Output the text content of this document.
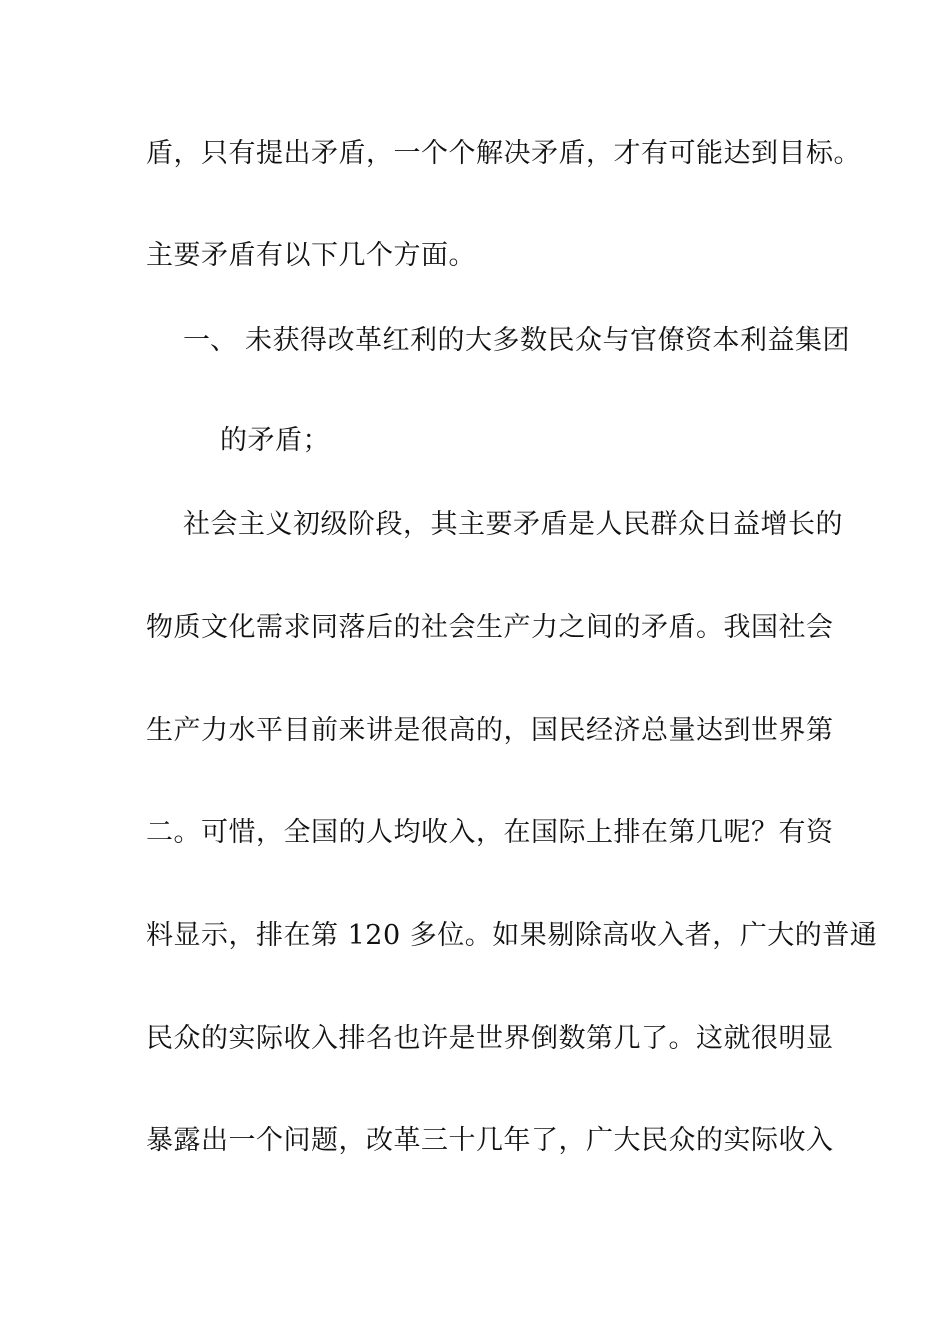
盾，只有提出矛盾，一个个解决矛盾，才有可能达到目标。
主要矛盾有以下几个方面。
一、 未获得改革红利的大多数民众与官僚资本利益集团
的矛盾；
社会主义初级阶段，其主要矛盾是人民群众日益增长的
物质文化需求同落后的社会生产力之间的矛盾。我国社会
生产力水平目前来讲是很高的，国民经济总量达到世界第
二。可惜，全国的人均收入，在国际上排在第几呢？有资
料显示，排在第 120 多位。如果剔除高收入者，广大的普通
民众的实际收入排名也许是世界倒数第几了。这就很明显
暴露出一个问题，改革三十几年了，广大民众的实际收入
